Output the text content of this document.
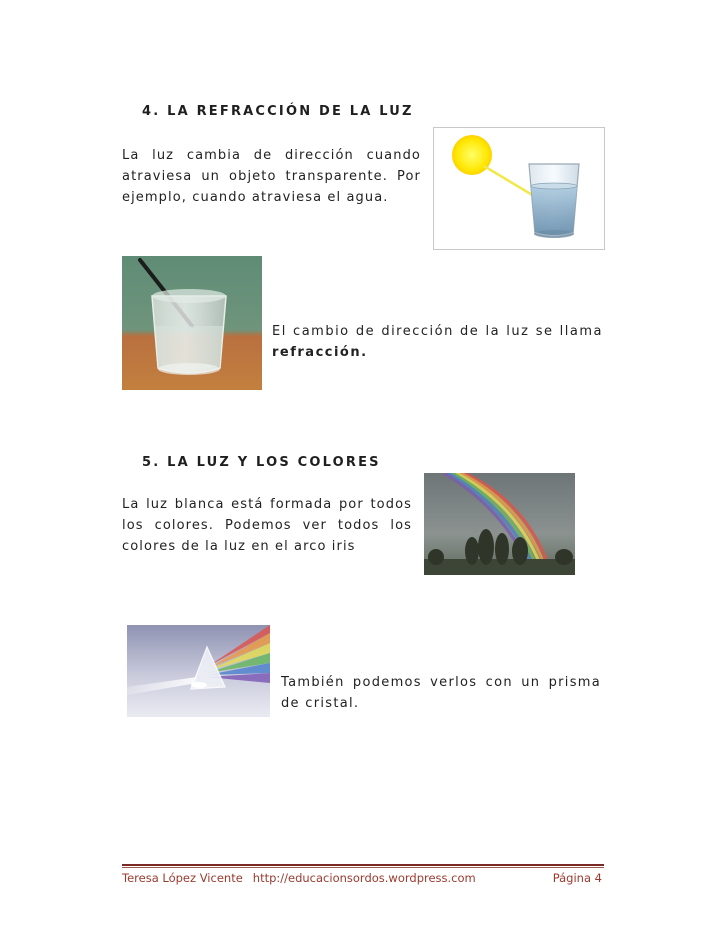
4. LA REFRACCIÓN DE LA LUZ

La luz cambia de dirección cuando atraviesa un objeto transparente. Por ejemplo, cuando atraviesa el agua.

El cambio de dirección de la luz se llama refracción.

5. LA LUZ Y LOS COLORES

La luz blanca está formada por todos los colores. Podemos ver todos los colores de la luz en el arco iris

También podemos verlos con un prisma de cristal.

Teresa López Vicente http://educacionsordos.wordpress.com	Página 4
